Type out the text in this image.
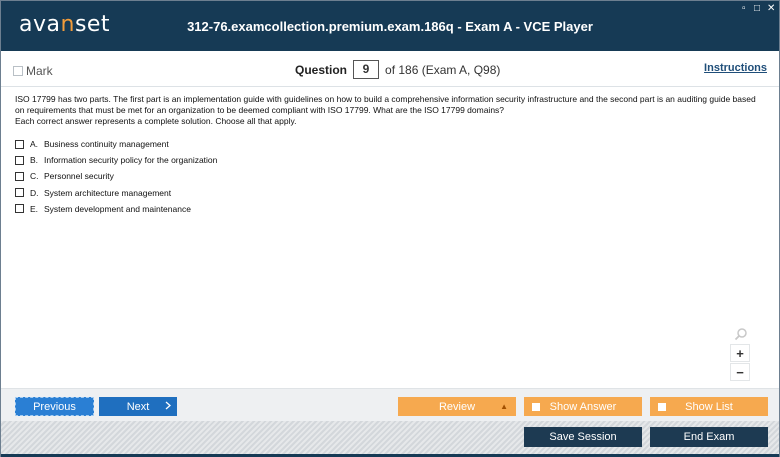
avanset	312-76.examcollection.premium.exam.186q - Exam A - VCE Player
▫ □ ✕
Mark	Question	9	of 186 (Exam A, Q98)	Instructions
ISO 17799 has two parts. The first part is an implementation guide with guidelines on how to build a comprehensive information security infrastructure and the second part is an auditing guide based on requirements that must be met for an organization to be deemed compliant with ISO 17799. What are the ISO 17799 domains?
Each correct answer represents a complete solution. Choose all that apply.
A. Business continuity management
B. Information security policy for the organization
C. Personnel security
D. System architecture management
E. System development and maintenance
+
−
Previous	Next	Review	▲	Show Answer	Show List
Save Session	End Exam
